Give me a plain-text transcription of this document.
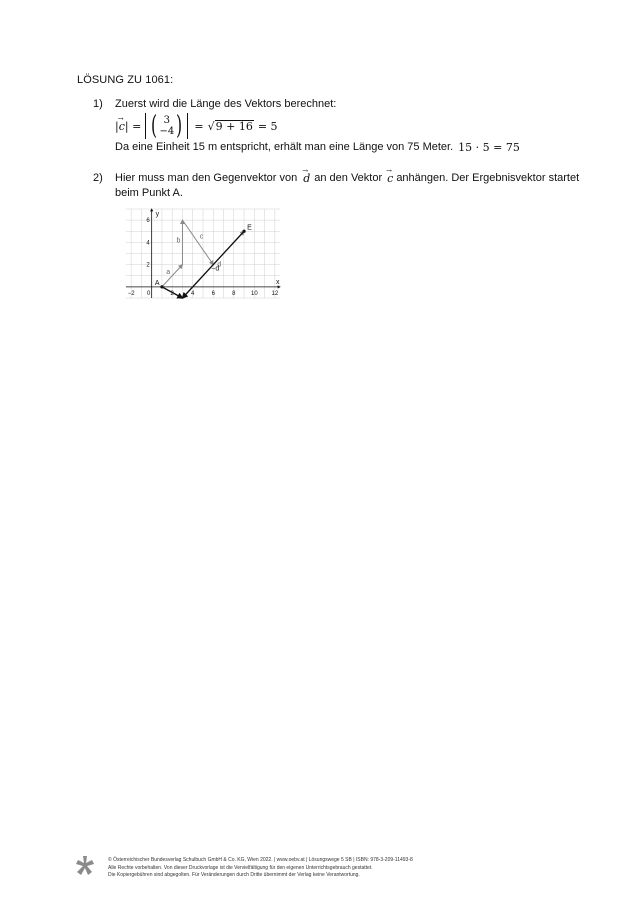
LÖSUNG ZU 1061:
1)	Zuerst wird die Länge des Vektors berechnet:
| → c | = ( 3
−4 ) = √ 9 + 16 = 5
Da eine Einheit 15 m entspricht, erhält man eine Länge von 75 Meter. 15 · 5 = 75
2)	Hier muss man den Gegenvektor von → d an den Vektor → c anhängen. Der Ergebnisvektor startet
beim Punkt A.
x
y
−2 0	2	4	6	8	10 12
2
4
6
a
b
c
d
−d
A
E
© Österreichischer Bundesverlag Schulbuch GmbH & Co. KG, Wien 2022. | www.oebv.at | Lösungswege 5 SB | ISBN: 978-3-209-11493-8
Alle Rechte vorbehalten. Von dieser Druckvorlage ist die Vervielfältigung für den eigenen Unterrichtsgebrauch gestattet.
Die Kopiergebühren sind abgegolten. Für Veränderungen durch Dritte übernimmt der Verlag keine Verantwortung.
